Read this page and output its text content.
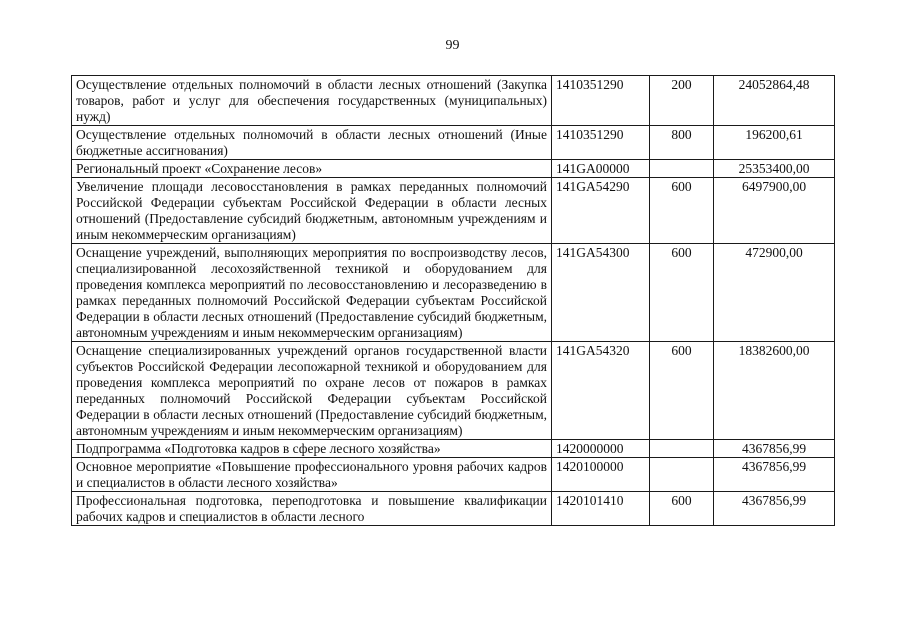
99
Осуществление отдельных полномочий в области лесных отношений (Закупка товаров, работ и услуг для обеспечения государственных (муниципальных) нужд)	1410351290	200	24052864,48
Осуществление отдельных полномочий в области лесных отношений (Иные бюджетные ассигнования)	1410351290	800	196200,61
Региональный проект «Сохранение лесов»	141GA00000		25353400,00
Увеличение площади лесовосстановления в рамках переданных полномочий Российской Федерации субъектам Российской Федерации в области лесных отношений (Предоставление субсидий бюджетным, автономным учреждениям и иным некоммерческим организациям)	141GA54290	600	6497900,00
Оснащение учреждений, выполняющих мероприятия по воспроизводству лесов, специализированной лесохозяйственной техникой и оборудованием для проведения комплекса мероприятий по лесовосстановлению и лесоразведению в рамках переданных полномочий Российской Федерации субъектам Российской Федерации в области лесных отношений (Предоставление субсидий бюджетным, автономным учреждениям и иным некоммерческим организациям)	141GA54300	600	472900,00
Оснащение специализированных учреждений органов государственной власти субъектов Российской Федерации лесопожарной техникой и оборудованием для проведения комплекса мероприятий по охране лесов от пожаров в рамках переданных полномочий Российской Федерации субъектам Российской Федерации в области лесных отношений (Предоставление субсидий бюджетным, автономным учреждениям и иным некоммерческим организациям)	141GA54320	600	18382600,00
Подпрограмма «Подготовка кадров в сфере лесного хозяйства»	1420000000		4367856,99
Основное мероприятие «Повышение профессионального уровня рабочих кадров и специалистов в области лесного хозяйства»	1420100000		4367856,99
Профессиональная подготовка, переподготовка и повышение квалификации рабочих кадров и специалистов в области лесного	1420101410	600	4367856,99
